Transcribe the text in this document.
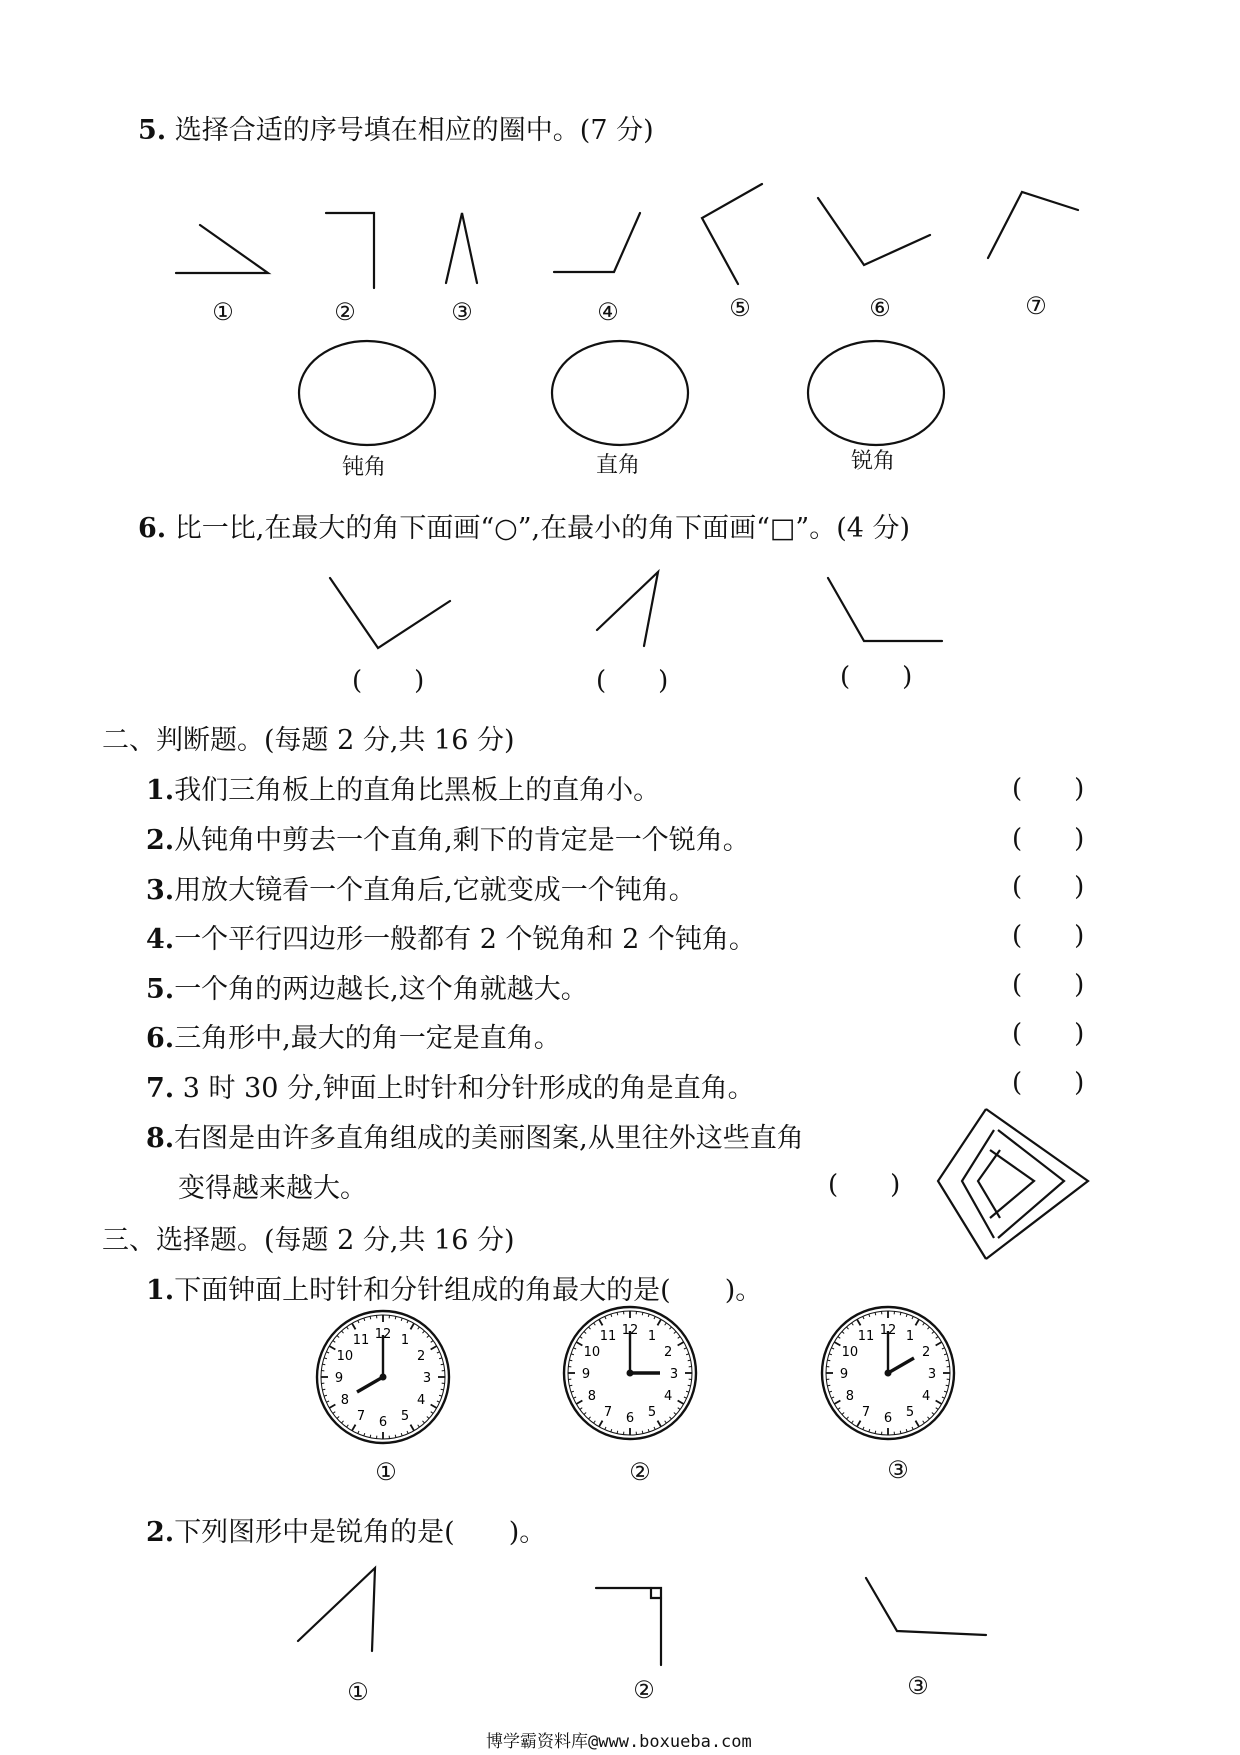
5. 选择合适的序号填在相应的圈中。(7 分)
①	②	③	④	⑤	⑥	⑦
钝角	直角	锐角
6. 比一比,在最大的角下面画“○”,在最小的角下面画“□”。(4 分)
(　　)	(　　)	(　　)
二、判断题。(每题 2 分,共 16 分)
1.我们三角板上的直角比黑板上的直角小。	(　　)
2.从钝角中剪去一个直角,剩下的肯定是一个锐角。	(　　)
3.用放大镜看一个直角后,它就变成一个钝角。	(　　)
4.一个平行四边形一般都有 2 个锐角和 2 个钝角。	(　　)
5.一个角的两边越长,这个角就越大。	(　　)
6.三角形中,最大的角一定是直角。	(　　)
7. 3 时 30 分,钟面上时针和分针形成的角是直角。	(　　)
8.右图是由许多直角组成的美丽图案,从里往外这些直角
变得越来越大。	(　　)
三、选择题。(每题 2 分,共 16 分)
1.下面钟面上时针和分针组成的角最大的是(　　)。
12 1
2
3
4
5
6
7
8
9
10
11
12 1
2
3
4
5
6
7
8
9
10
11	12 1
2
3
4
5
6
7
8
9
10
11
①	②	③
2.下列图形中是锐角的是(　　)。
①	②	③
博学霸资料库@www.boxueba.com
